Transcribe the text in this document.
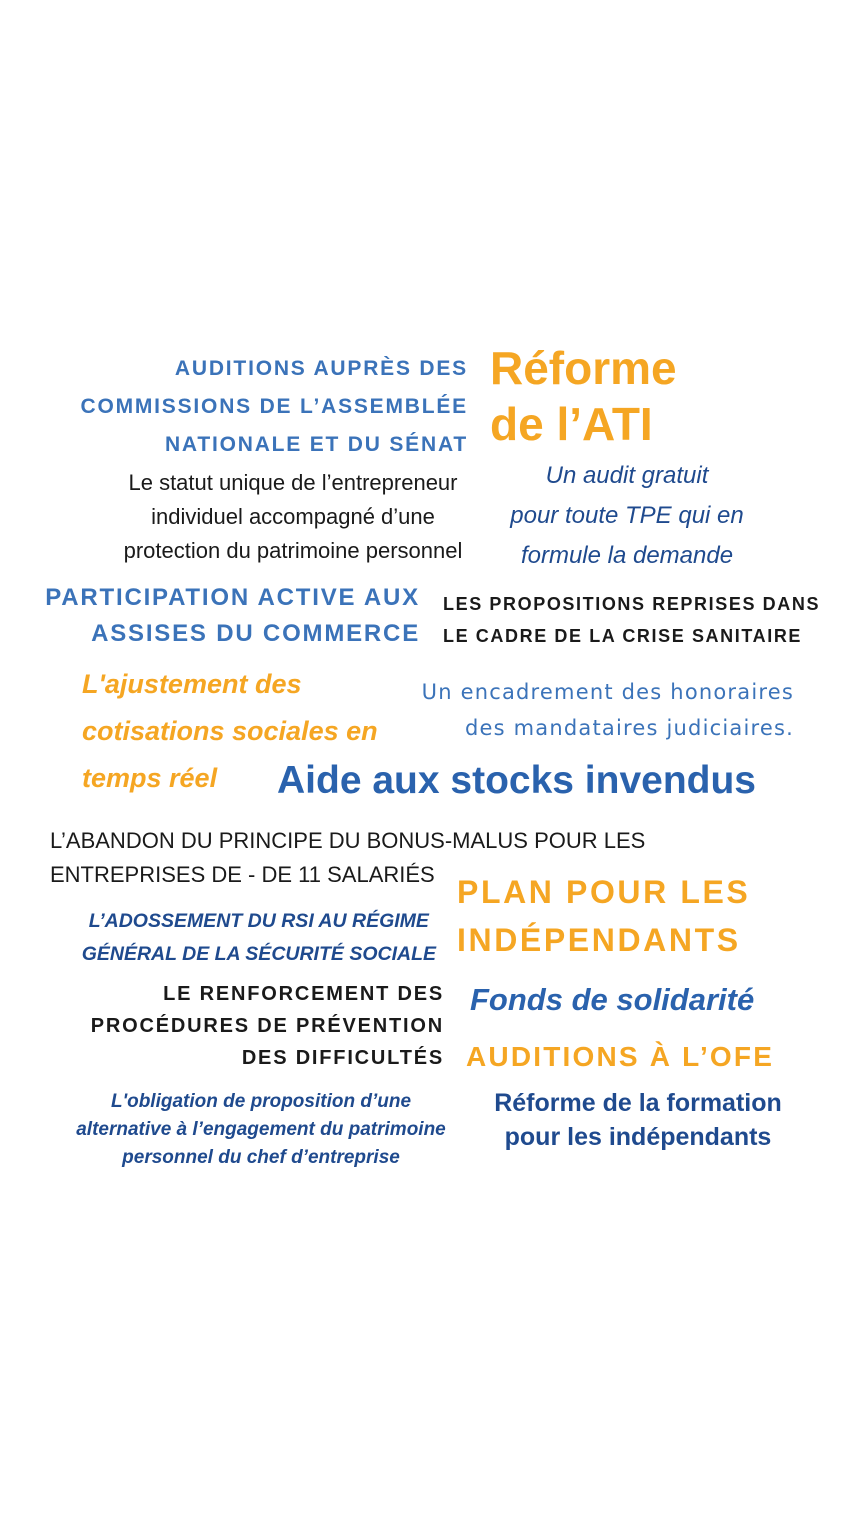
AUDITIONS AUPRÈS DES
COMMISSIONS DE L’ASSEMBLÉE
NATIONALE ET DU SÉNAT
Réforme
de l’ATI
Le statut unique de l’entrepreneur
individuel accompagné d’une
protection du patrimoine personnel
Un audit gratuit
pour toute TPE qui en
formule la demande
PARTICIPATION ACTIVE AUX
ASSISES DU COMMERCE
LES PROPOSITIONS REPRISES DANS
LE CADRE DE LA CRISE SANITAIRE
L'ajustement des
cotisations sociales en
temps réel
Un encadrement des honoraires
des mandataires judiciaires.
Aide aux stocks invendus
L’ABANDON DU PRINCIPE DU BONUS-MALUS POUR LES
ENTREPRISES DE - DE 11 SALARIÉS PLAN POUR LES
INDÉPENDANTS
L’ADOSSEMENT DU RSI AU RÉGIME
GÉNÉRAL DE LA SÉCURITÉ SOCIALE
Fonds de solidarité
LE RENFORCEMENT DES
PROCÉDURES DE PRÉVENTION
DES DIFFICULTÉS AUDITIONS À L’OFE
L'obligation de proposition d’une
alternative à l’engagement du patrimoine
personnel du chef d’entreprise
Réforme de la formation
pour les indépendants
